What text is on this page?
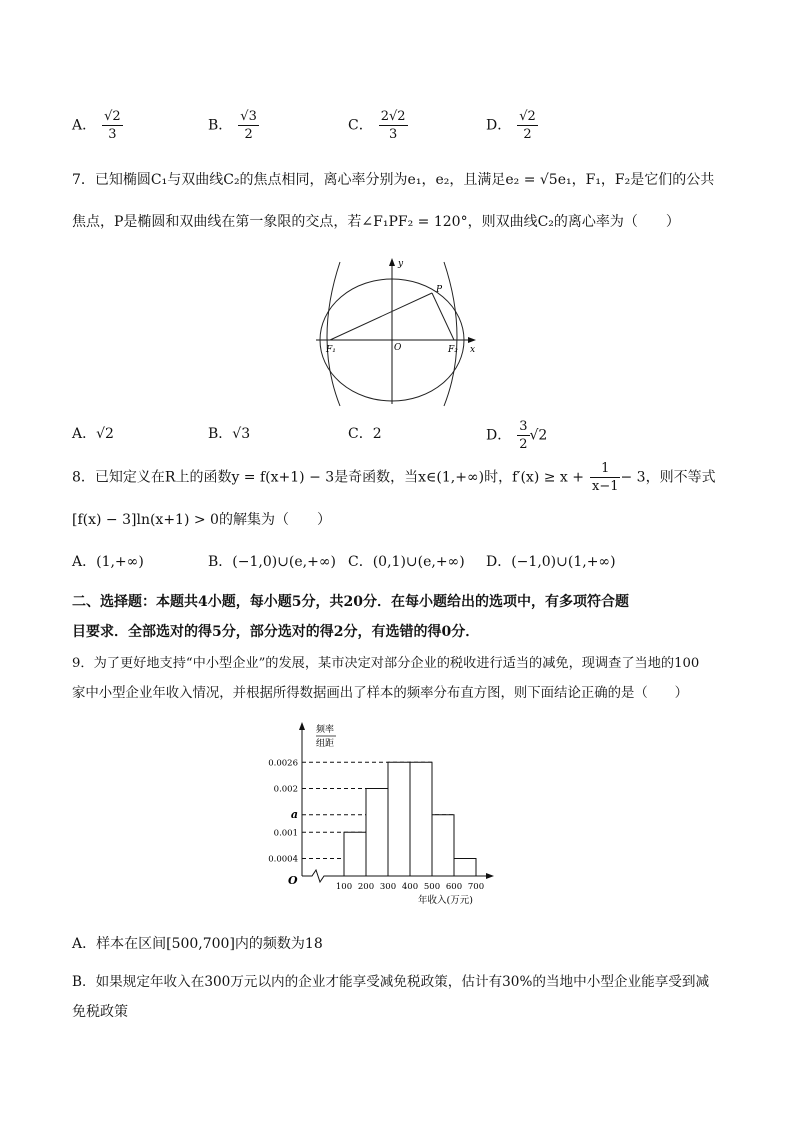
A． $\frac{√2}{3}$	B． $\frac{√3}{2}$	C． $\frac{2√2}{3}$	D． $\frac{√2}{2}$
7．已知椭圆C₁与双曲线C₂的焦点相同，离心率分别为e₁，e₂，且满足e₂ = √5e₁，F₁，F₂是它们的公共
焦点，P是椭圆和双曲线在第一象限的交点，若∠F₁PF₂ = 120°，则双曲线C₂的离心率为（　　）
y
x
P
O
F₁	F₂
A．√2	B．√3	C．2	D． $\frac{3}{2} √2$
8．已知定义在R上的函数y = f(x+1) − 3是奇函数，当x∈(1,+∞)时，$f'(x) \ge x + \frac{1}{x-1} - 3$，则不等式
[f(x) − 3]ln(x+1) > 0的解集为（　　）
A．(1,+∞)	B．(−1,0)∪(e,+∞) C．(0,1)∪(e,+∞) D．(−1,0)∪(1,+∞)
二、选择题：本题共4小题，每小题5分，共20分．在每小题给出的选项中，有多项符合题
目要求．全部选对的得5分，部分选对的得2分，有选错的得0分．
9．为了更好地支持“中小型企业”的发展，某市决定对部分企业的税收进行适当的减免，现调查了当地的100
家中小型企业年收入情况，并根据所得数据画出了样本的频率分布直方图，则下面结论正确的是（　　）
频率
组距
O
年收入(万元)
0.0026
0.002
a
0.001
0.0004
100 200 300 400 500 600 700
A．样本在区间[500,700]内的频数为18
B．如果规定年收入在300万元以内的企业才能享受减免税政策，估计有30%的当地中小型企业能享受到减
免税政策
